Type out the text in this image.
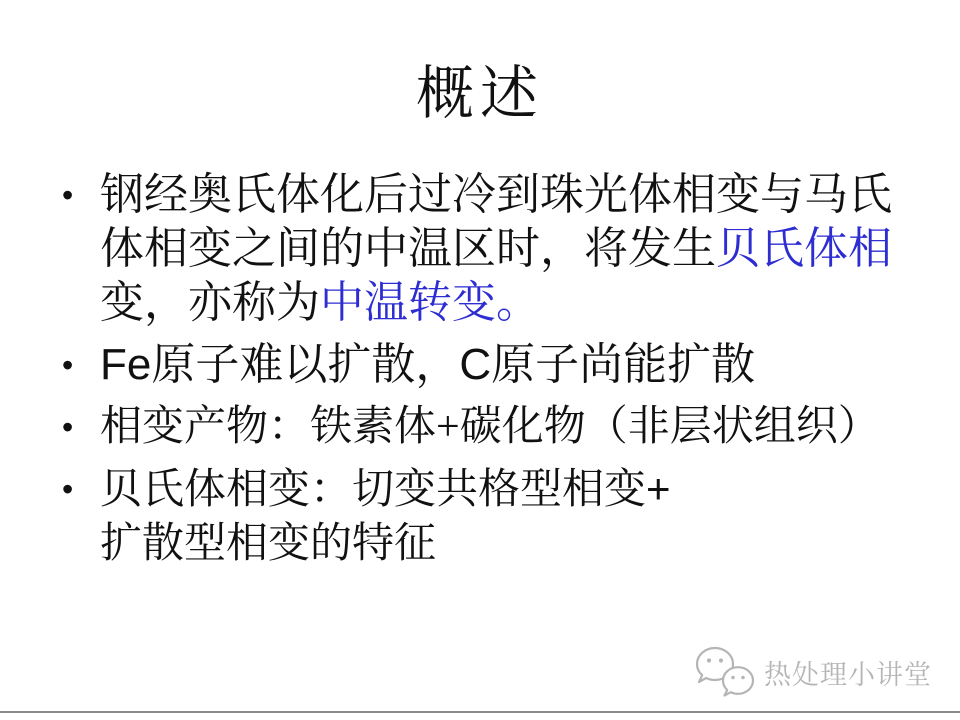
概述
• 钢经奥氏体化后过冷到珠光体相变与马氏
体相变之间的中温区时，将发生贝氏体相
变，亦称为中温转变。
• Fe原子难以扩散，C原子尚能扩散
• 相变产物：铁素体+碳化物（非层状组织）
• 贝氏体相变：切变共格型相变+
扩散型相变的特征
热处理小讲堂
